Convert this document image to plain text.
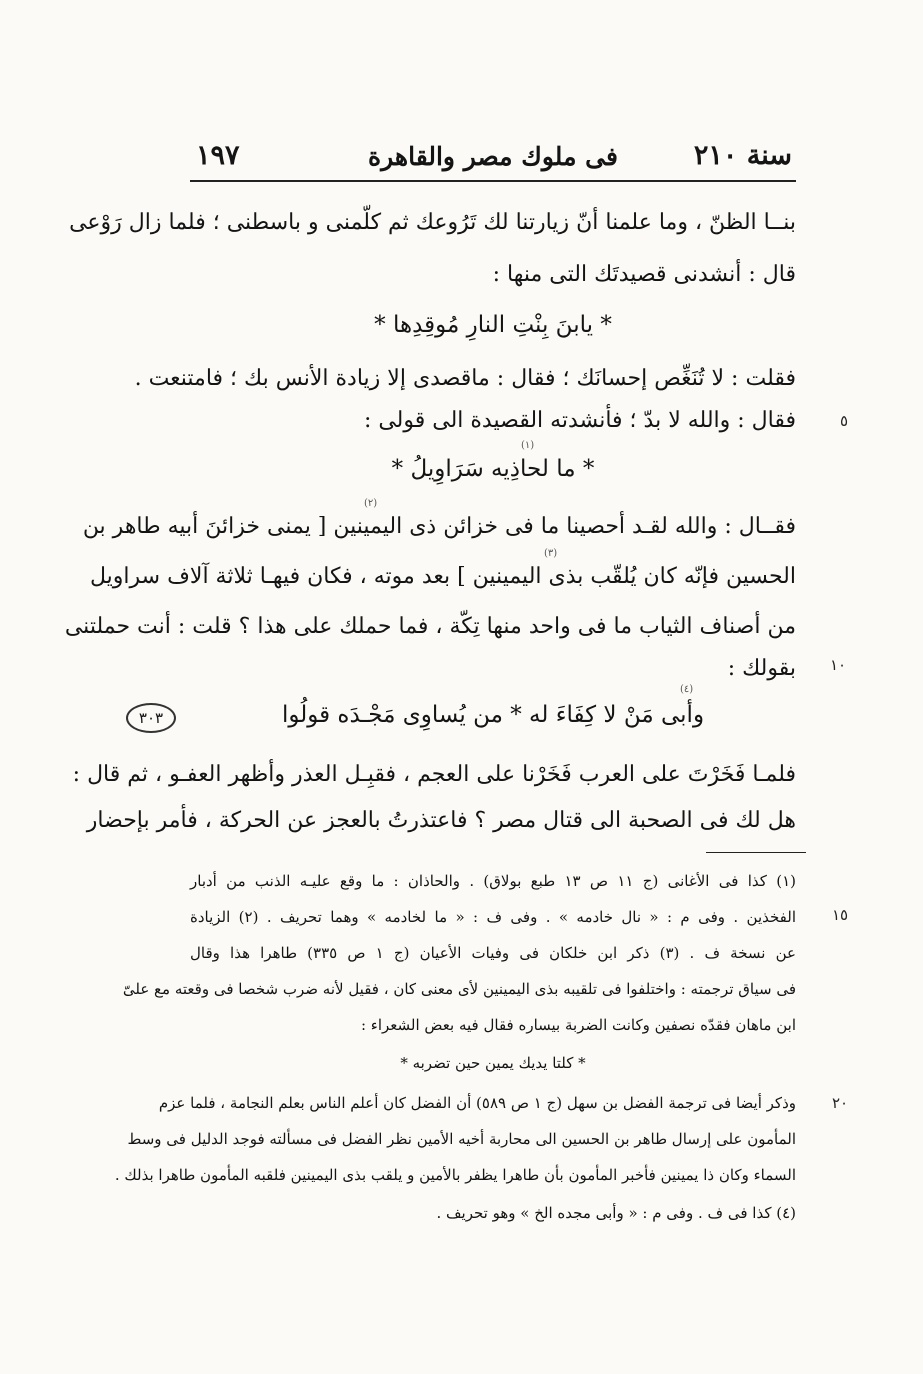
سنة ٢١٠
فى ملوك مصر والقاهرة
١٩٧
بنــا الظنّ ، وما علمنا أنّ زيارتنا لك تَرُوعك ثم كلّمنى و باسطنى ؛ فلما زال رَوْعى
قال : أنشدنى قصيدتَك التى منها :
* يابنَ بِنْتِ النارِ مُوقِدِها *
فقلت : لا تُنَغِّص إحسانَك ؛ فقال : ماقصدى إلا زيادة الأنس بك ؛ فامتنعت .
فقال : والله لا بدّ ؛ فأنشدته القصيدة الى قولى :
(١)
* ما لحاذِيه سَرَاوِيلُ *
(٢)
فقــال : والله لقـد أحصينا ما فى خزائن ذى اليمينين [ يمنى خزائنَ أبيه طاهر بن
(٣)
الحسين فإنّه كان يُلقّب بذى اليمينين ] بعد موته ، فكان فيهـا ثلاثة آلاف سراويل
من أصناف الثياب ما فى واحد منها تِكّة ، فما حملك على هذا ؟ قلت : أنت حملتنى
بقولك :
(٤)
وأبى مَنْ لا كِفَاءَ له * من يُساوِى مَجْـدَه قولُوا
فلمـا فَخَرْتَ على العرب فَخَرْنا على العجم ، فقبِـل العذر وأظهر العفـو ، ثم قال :
هل لك فى الصحبة الى قتال مصر ؟ فاعتذرتُ بالعجز عن الحركة ، فأمر بإحضار
٥
١٠
١٥
٢٠
٣٠٣
(١) كذا فى الأغانى (ج ١١ ص ١٣ طبع بولاق) . والحاذان : ما وقع عليـه الذنب من أدبار
الفخذين . وفى م : « نال خادمه » . وفى ف : « ما لخادمه » وهما تحريف . (٢) الزيادة
عن نسخة ف . (٣) ذكر ابن خلكان فى وفيات الأعيان (ج ١ ص ٣٣٥) طاهرا هذا وقال
فى سياق ترجمته : واختلفوا فى تلقيبه بذى اليمينين لأى معنى كان ، فقيل لأنه ضرب شخصا فى وقعته مع علىّ
ابن ماهان فقدّه نصفين وكانت الضربة بيساره فقال فيه بعض الشعراء :
* كلتا يديك يمين حين تضربه *
وذكر أيضا فى ترجمة الفضل بن سهل (ج ١ ص ٥٨٩) أن الفضل كان أعلم الناس بعلم النجامة ، فلما عزم
المأمون على إرسال طاهر بن الحسين الى محاربة أخيه الأمين نظر الفضل فى مسألته فوجد الدليل فى وسط
السماء وكان ذا يمينين فأخبر المأمون بأن طاهرا يظفر بالأمين و يلقب بذى اليمينين فلقبه المأمون طاهرا بذلك .
(٤) كذا فى ف . وفى م : « وأبى مجده الخ » وهو تحريف .
